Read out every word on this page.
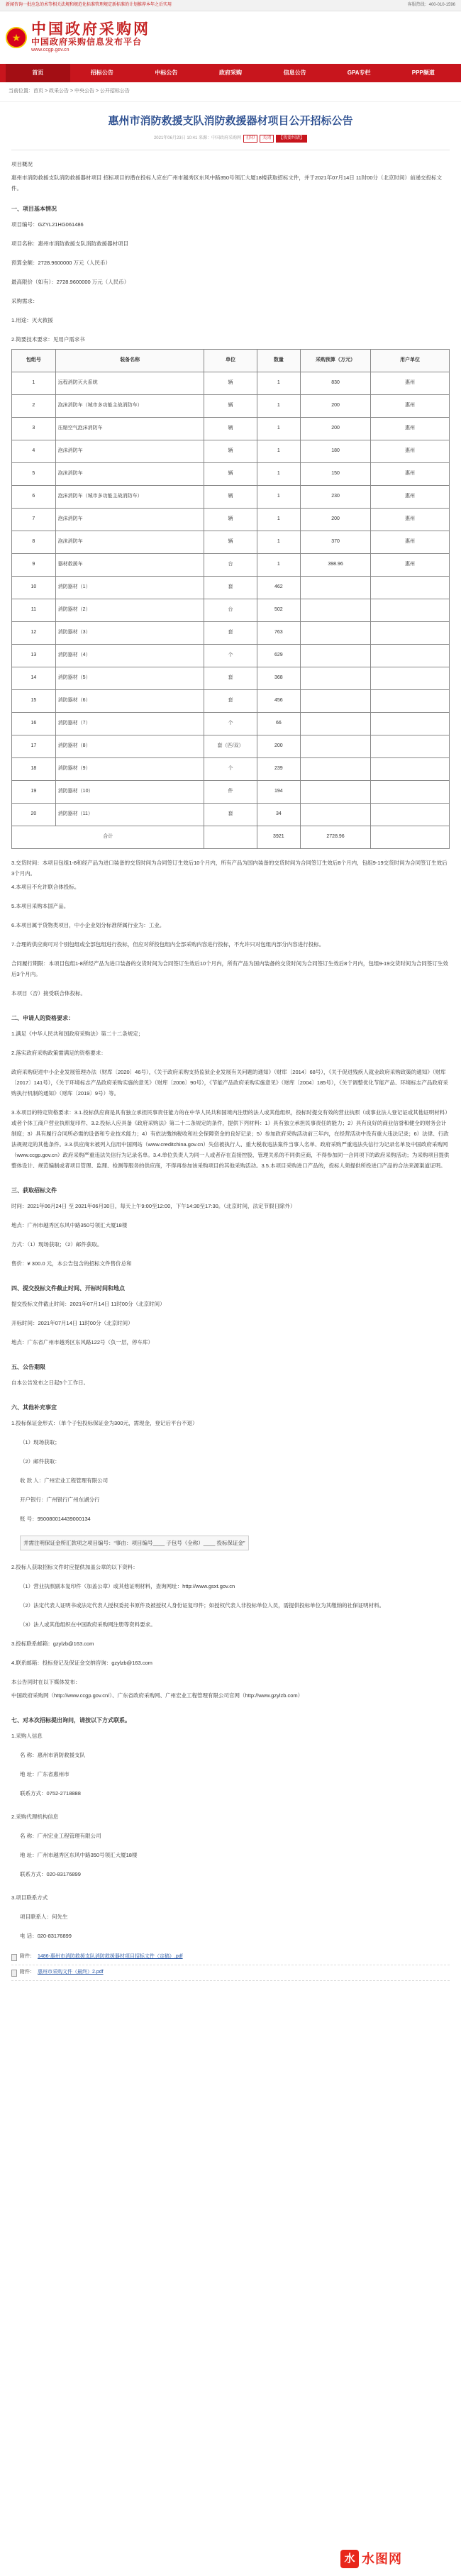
新闻咨询一批应急的术等相关法规和规范化标准管理规定新标准的计划推荐本年之后实用	客服热线：400-010-1596
★ 中国政府采购网
中国政府采购信息发布平台
www.ccgp.gov.cn
首页	招标公告	中标公告	政府采购	信息公告	GPA专栏	PPP频道
当前位置：首页 > 政采公告 > 中央公告 > 公开招标公告
惠州市消防救援支队消防救援器材项目公开招标公告
2021年06月23日 10:41 来源：中国政府采购网	打印	关闭	【我要纠错】

项目概况

惠州市消防救援支队消防救援器材项目 招标项目的潜在投标人应在广州市越秀区东风中路350号领汇大厦18楼获取招标文件，并于2021年07月14日 11时00分（北京时间）前递交投标文件。

一、项目基本情况

项目编号：GZYL21HG061486

项目名称：惠州市消防救援支队消防救援器材项目

预算金额：2728.9600000 万元（人民币）

最高限价（如有）：2728.9600000 万元（人民币）

采购需求：

1.用途：灭火救援

2.简要技术要求：见用户需求书

包组号	装备名称	单位	数量	采购预算（万元）	用户单位
1	远程消防灭火系统	辆	1	830	惠州
2	泡沫消防车（城市多功能主战消防车）	辆	1	200	惠州
3	压缩空气泡沫消防车	辆	1	200	惠州
4	泡沫消防车	辆	1	180	惠州
5	泡沫消防车	辆	1	150	惠州
6	泡沫消防车（城市多功能主战消防车）	辆	1	230	惠州
7	泡沫消防车	辆	1	200	惠州
8	泡沫消防车	辆	1	370	惠州
9	器材救援车	台	1	398.96	惠州
10	消防器材（1）	套	462		
11	消防器材（2）	台	502		
12	消防器材（3）	套	763		
13	消防器材（4）	个	629		
14	消防器材（5）	套	368		
15	消防器材（6）	套	456		
16	消防器材（7）	个	66		
17	消防器材（8）	套（匹/双）	200		
18	消防器材（9）	个	239		
19	消防器材（10）	件	194		
20	消防器材（11）	套	34		
合计			3921	2728.96	

3.交货时间：本项目包组1-8和经产品为进口装备的交货时间为合同签订生效后10个月内，所有产品为国内装备的交货时间为合同签订生效后8个月内，包组9-19交货时间为合同签订生效后3个月内。

4.本项目不允许联合体投标。

5.本项目采购本国产品。

6.本项目属于货物类项目，中小企业划分标准所属行业为：工业。

7.合理的供应商可对个别包组或全部包组进行投标，但应对所投包组内全部采购内容进行投标，不允许只对包组内部分内容进行投标。

合同履行期限：本项目包组1-8所经产品为进口装备的交货时间为合同签订生效后10个月内，所有产品为国内装备的交货时间为合同签订生效后8个月内，包组9-19交货时间为合同签订生效后3个月内。

本项目（否）接受联合体投标。

二、申请人的资格要求：

1.满足《中华人民共和国政府采购法》第二十二条规定；

2.落实政府采购政策需满足的资格要求：

政府采购促进中小企业发展管理办法（财库〔2020〕46号），《关于政府采购支持监狱企业发展有关问题的通知》（财库〔2014〕68号），《关于促进残疾人就业政府采购政策的通知》（财库〔2017〕141号），《关于环境标志产品政府采购实施的意见》（财库〔2006〕90号），《节能产品政府采购实施意见》（财库〔2004〕185号），《关于调整优化节能产品、环境标志产品政府采购执行机制的通知》（财库〔2019〕9号）等。

3.本项目的特定资格要求：3.1.投标供应商是具有独立承担民事责任能力的在中华人民共和国境内注册的法人或其他组织，投标时提交有效的营业执照（或事业法人登记证或其他证明材料）或者个体工商户营业执照复印件、3.2.投标人应具备《政府采购法》第二十二条规定的条件，提供下列材料：1）具有独立承担民事责任的能力；2）具有良好的商业信誉和健全的财务会计制度；3）具有履行合同所必需的设备和专业技术能力；4）有依法缴纳税收和社会保障资金的良好记录；5）参加政府采购活动前三年内，在经营活动中没有重大违法记录；6）法律、行政法规规定的其他条件。3.3.供应商未被列入信用中国网站（www.creditchina.gov.cn）失信被执行人、重大税收违法案件当事人名单、政府采购严重违法失信行为记录名单及中国政府采购网（www.ccgp.gov.cn）政府采购严重违法失信行为记录名单。3.4.单位负责人为同一人或者存在直接控股、管理关系的不同供应商，不得参加同一合同项下的政府采购活动；为采购项目提供整体设计、规范编制或者项目管理、监理、检测等服务的供应商，不得再参加该采购项目的其他采购活动。3.5.本项目采购进口产品的，投标人须提供所投进口产品的合法来源渠道证明。

三、获取招标文件

时间：2021年06月24日 至 2021年06月30日，每天上午9:00至12:00，下午14:30至17:30。（北京时间，法定节假日除外）

地点：广州市越秀区东风中路350号领汇大厦18楼

方式：（1）现场获取；（2）邮件获取。

售价：¥ 300.0 元，本公告包含的招标文件售价总和

四、提交投标文件截止时间、开标时间和地点

提交投标文件截止时间：2021年07月14日 11时00分（北京时间）

开标时间：2021年07月14日 11时00分（北京时间）

地点：广东省广州市越秀区东风路122号（负一层，停车库）

五、公告期限

自本公告发布之日起5个工作日。

六、其他补充事宜

1.投标保证金形式：（单个子包投标保证金为300元，需现金，登记后平台不退）

（1）现场获取；

（2）邮件获取：

收 款 人：广州宏业工程管理有限公司

开户银行：广州银行广州东湖分行

账 号：950080014439000134

并需注明保证金所汇款项之项目编号：“事由：项目编号____ 子包号（全称）____ 投标保证金”

2.投标人获取招标文件时应提供加盖公章的以下资料：

（1）营业执照副本复印件（加盖公章）或其他证明材料，查询网址：http://www.gsxt.gov.cn

（2）法定代表人证明书或法定代表人授权委托书原件及被授权人身份证复印件；如授权代表人非投标单位人员，需提供投标单位为其缴纳的社保证明材料。

（3）法人或其他组织在中国政府采购网注册等资料要求。

3.投标联系邮箱：gzylzb@163.com

4.联系邮箱：投标登记及保证金交纳咨询：gzylzb@163.com

本公告同时在以下媒体发布：

中国政府采购网（http://www.ccgp.gov.cn/）、广东省政府采购网、广州宏业工程管理有限公司官网（http://www.gzylzb.com）

七、对本次招标提出询问，请按以下方式联系。

1.采购人信息

名 称：惠州市消防救援支队

地 址：广东省惠州市

联系方式：0752-2718888

2.采购代理机构信息

名 称：广州宏业工程管理有限公司

地 址：广州市越秀区东风中路350号领汇大厦18楼

联系方式：020-83176899

3.项目联系方式

项目联系人：何先生

电 话：020-83176899

附件： 1486-惠州市消防救援支队消防救援器材项目招标文件（定稿）.pdf
附件： 惠州市采购文件（最终）2.pdf
水 水图网
